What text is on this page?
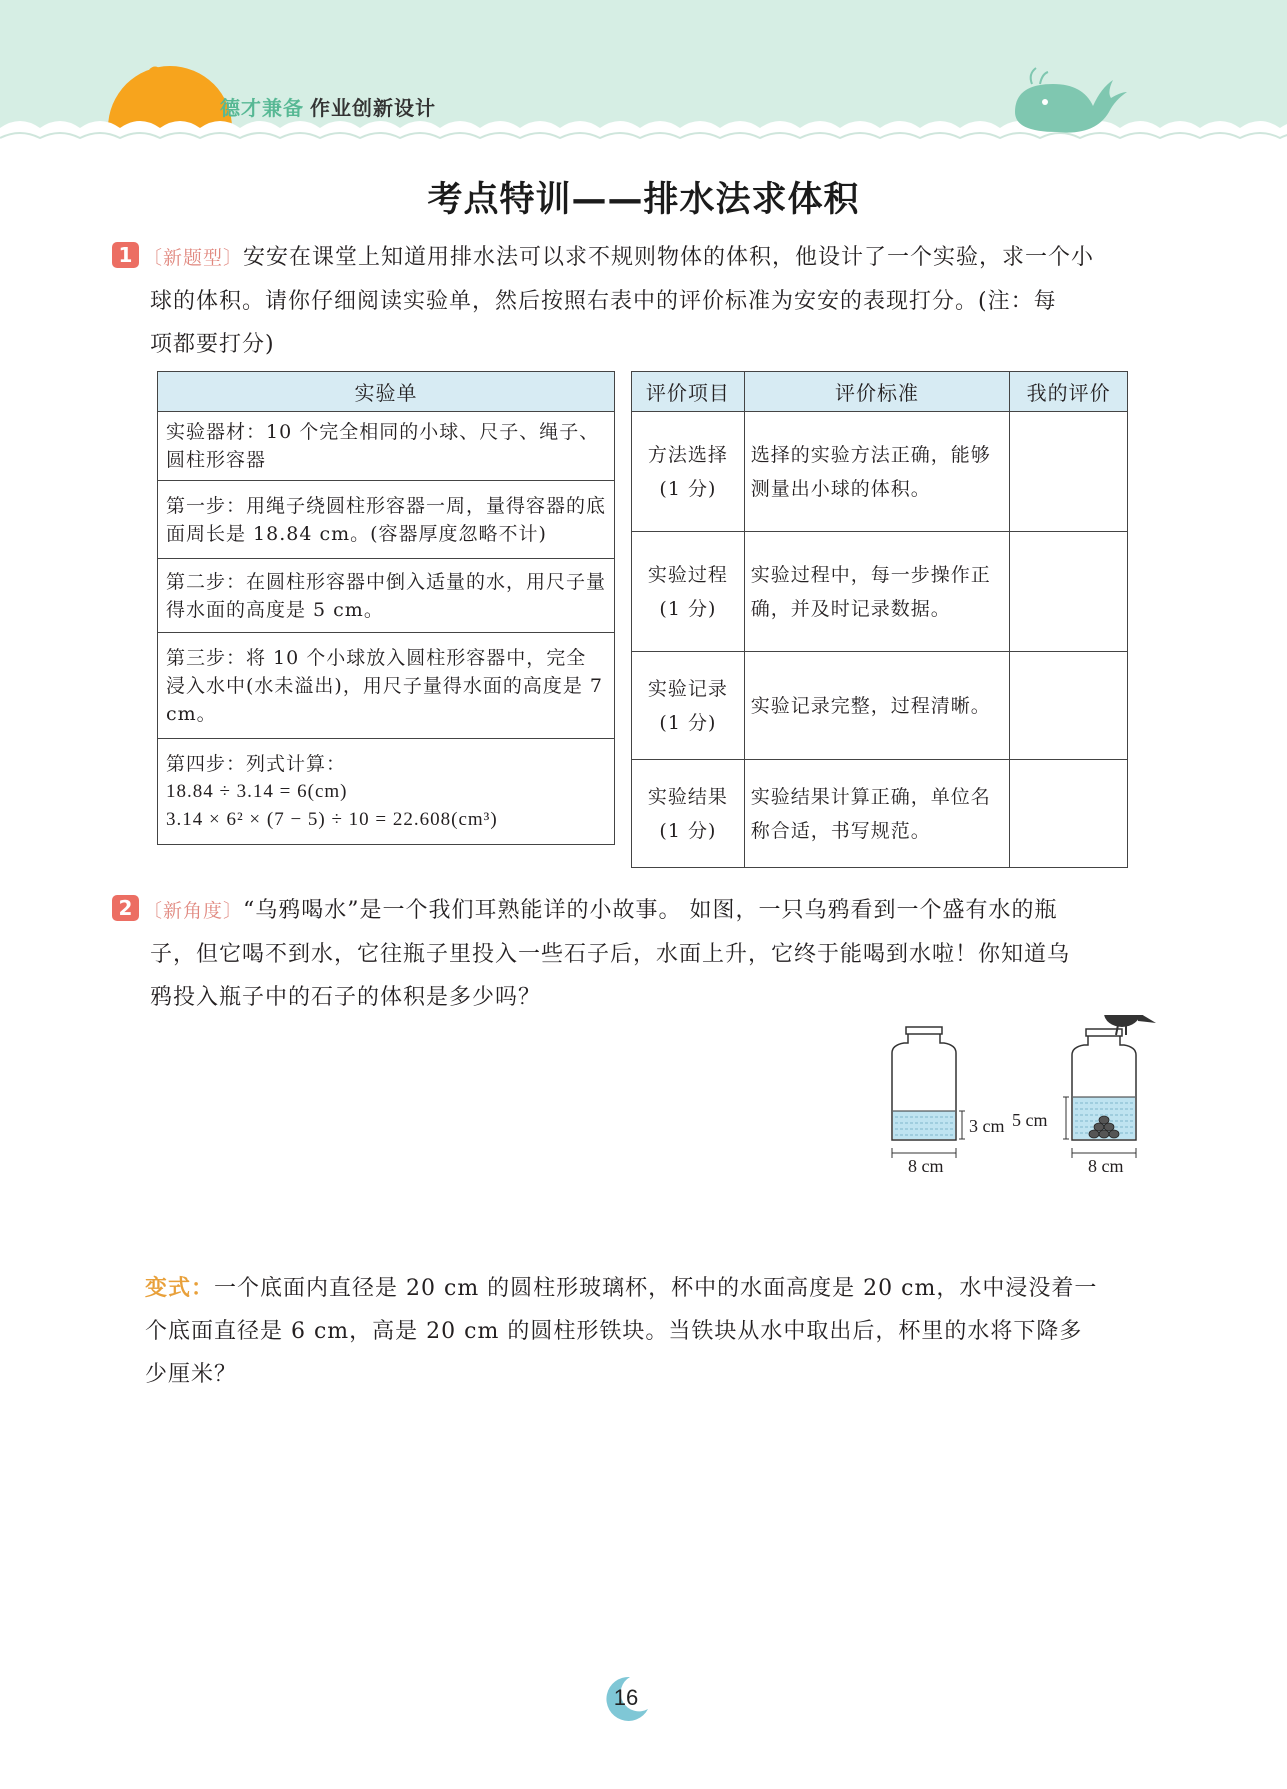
德才兼备 作业创新设计
考点特训——排水法求体积
1 〔新题型〕安安在课堂上知道用排水法可以求不规则物体的体积，他设计了一个实验，求一个小
球的体积。请你仔细阅读实验单，然后按照右表中的评价标准为安安的表现打分。(注：每
项都要打分)
实验单
实验器材：10 个完全相同的小球、尺子、绳子、圆柱形容器
第一步：用绳子绕圆柱形容器一周，量得容器的底面周长是 18.84 cm。(容器厚度忽略不计)
第二步：在圆柱形容器中倒入适量的水，用尺子量得水面的高度是 5 cm。
第三步：将 10 个小球放入圆柱形容器中，完全浸入水中(水未溢出)，用尺子量得水面的高度是 7 cm。

第四步：列式计算：
18.84 ÷ 3.14 = 6(cm)
3.14 × 6² × (7 − 5) ÷ 10 = 22.608(cm³)
评价项目	评价标准	我的评价

方法选择
(1 分)	选择的实验方法正确，能够测量出小球的体积。	

实验过程
(1 分)	实验过程中，每一步操作正确，并及时记录数据。	

实验记录
(1 分)	实验记录完整，过程清晰。	

实验结果
(1 分)	实验结果计算正确，单位名称合适，书写规范。	
2 〔新角度〕“乌鸦喝水”是一个我们耳熟能详的小故事。 如图，一只乌鸦看到一个盛有水的瓶
子，但它喝不到水，它往瓶子里投入一些石子后，水面上升，它终于能喝到水啦！你知道乌
鸦投入瓶子中的石子的体积是多少吗？
3 cm
8 cm
5 cm
8 cm
变式：一个底面内直径是 20 cm 的圆柱形玻璃杯，杯中的水面高度是 20 cm，水中浸没着一
个底面直径是 6 cm，高是 20 cm 的圆柱形铁块。当铁块从水中取出后，杯里的水将下降多
少厘米？
16
